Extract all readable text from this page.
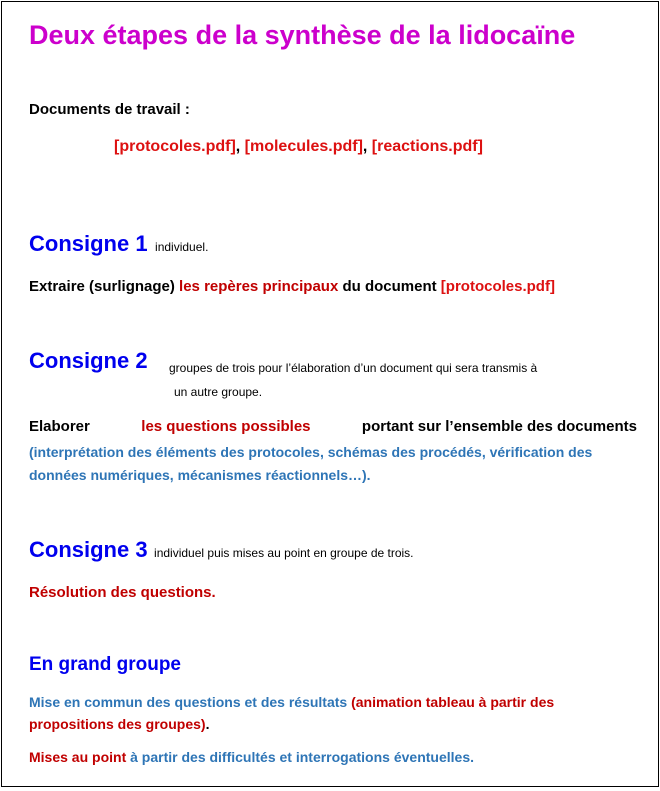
Deux étapes de la synthèse de la lidocaïne
Documents de travail :
[protocoles.pdf], [molecules.pdf], [reactions.pdf]
Consigne 1 individuel.
Extraire (surlignage) les repères principaux du document [protocoles.pdf]
Consigne 2 groupes de trois pour l’élaboration d’un document qui sera transmis à
un autre groupe.
Elaborer	les questions possibles	portant sur l’ensemble des documents
(interprétation des éléments des protocoles, schémas des procédés, vérification des
données numériques, mécanismes réactionnels…).
Consigne 3 individuel puis mises au point en groupe de trois.
Résolution des questions.
En grand groupe
Mise en commun des questions et des résultats (animation tableau à partir des
propositions des groupes).
Mises au point à partir des difficultés et interrogations éventuelles.
